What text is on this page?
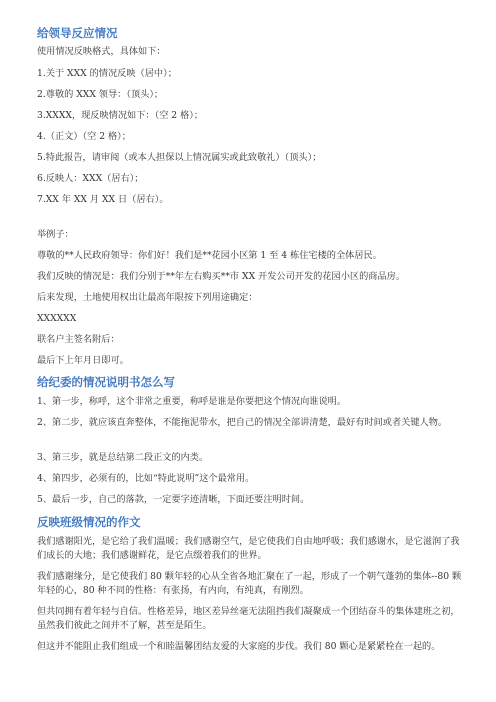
给领导反应情况
使用情况反映格式，具体如下：
1.关于 XXX 的情况反映（居中）；
2.尊敬的 XXX 领导：（顶头）；
3.XXXX，现反映情况如下：（空 2 格）；
4.（正文）（空 2 格）；
5.特此报告，请审阅（或本人担保以上情况属实或此致敬礼）（顶头）；
6.反映人：XXX（居右）；
7.XX 年 XX 月 XX 日（居右）。
举例子：
尊敬的**人民政府领导：你们好！我们是**花园小区第 1 至 4 栋住宅楼的全体居民。
我们反映的情况是：我们分别于**年左右购买**市 XX 开发公司开发的花园小区的商品房。
后来发现，土地使用权出让最高年限按下列用途确定：
XXXXXX
联名户主签名附后：
最后下上年月日即可。
给纪委的情况说明书怎么写
1、第一步，称呼，这个非常之重要，称呼是谁是你要把这个情况向谁说明。
2、第二步，就应该直奔整体，不能拖泥带水，把自己的情况全部讲清楚，最好有时间或者关键人物。
3、第三步，就是总结第二段正文的内类。
4、第四步，必须有的，比如“特此说明”这个最常用。
5、最后一步，自己的落款，一定要字迹清晰，下面还要注明时间。
反映班级情况的作文
我们感谢阳光，是它给了我们温暖；我们感谢空气，是它使我们自由地呼吸；我们感谢水，是它滋润了我们成长的大地；我们感谢鲜花，是它点缀着我们的世界。
我们感谢缘分，是它使我们 80 颗年轻的心从全省各地汇聚在了一起，形成了一个朝气蓬勃的集体--80 颗年轻的心，80 种不同的性格：有张扬，有内向，有纯真，有刚烈。
但共同拥有着年轻与自信。性格差异，地区差异丝毫无法阻挡我们凝聚成一个团结奋斗的集体建班之初，虽然我们彼此之间并不了解，甚至是陌生。
但这并不能阻止我们组成一个和睦温馨团结友爱的大家庭的步伐。我们 80 颗心是紧紧栓在一起的。
